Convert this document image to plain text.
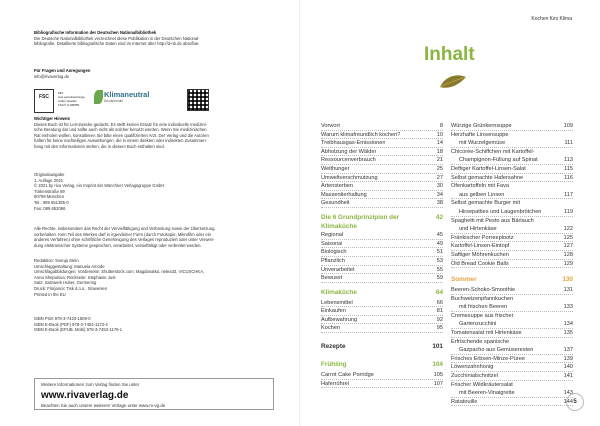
Bibliografische Information der Deutschen Nationalbibliothek

Die Deutsche Nationalbibliothek verzeichnet diese Publikation in der Deutschen National-
bibliografie. Detaillierte bibliografische Daten sind im Internet über http://d-nb.de abrufbar.

Für Fragen und Anregungen

info@rivaverlag.de

FSC
MIX
Aus verantwortungs-
vollen Quellen
FSC® C106855
Klimaneutral
Druckprodukt

Wichtiger Hinweis

Dieses Buch ist für Lernzwecke gedacht. Es stellt keinen Ersatz für eine individuelle medizini-
sche Beratung dar und sollte auch nicht als solcher benutzt werden. Wenn Sie medizinischen
Rat einholen wollen, konsultieren Sie bitte einen qualifizierten Arzt. Der Verlag und die Autoren
haften für keine nachteiligen Auswirkungen, die in einem direkten oder indirekten Zusammen-
hang mit den Informationen stehen, die in diesem Buch enthalten sind.

Originalausgabe
1. Auflage 2021
© 2021 by riva Verlag, ein Imprint der Münchner Verlagsgruppe GmbH
Türkenstraße 89
80799 München
Tel.: 089 651285-0
Fax: 089 652096

Alle Rechte, insbesondere das Recht der Vervielfältigung und Verbreitung sowie der Übersetzung,
vorbehalten. Kein Teil des Werkes darf in irgendeiner Form (durch Fotokopie, Mikrofilm oder ein
anderes Verfahren) ohne schriftliche Genehmigung des Verlages reproduziert oder unter Verwen-
dung elektronischer Systeme gespeichert, verarbeitet, vervielfältigt oder verbreitet werden.

Redaktion: Svenja Stein
Umschlaggestaltung: Manuela Amode
Umschlagabbildungen: Vorderseite: Shutterstock.com: Magdanatka, nelea33, VICUSCHKA,
Anna Shepulova; Rückseite: Stephanie Just
Satz: Satzwerk Huber, Germering
Druck: Florjancic Tisk d.o.o., Slowenien
Printed in the EU

ISBN Print 978-3-7423-1509-0
ISBN E-Book (PDF) 978-3-7453-1173-4
ISBN E-Book (EPUB, Mobi) 978-3-7453-1176-1

Weitere Informationen zum Verlag finden Sie unter
www.rivaverlag.de
Beachten Sie auch unsere weiteren Verlage unter www.m-vg.de
Kochen fürs Klima
Inhalt
Vorwort	8
Warum klimafreundlich kochen?	10
Treibhausgas-Emissionen	14
Abholzung der Wälder	18
Ressourcenverbrauch	21
Welthunger	25
Umweltverschmutzung	27
Artensterben	30
Massentierhaltung	34
Gesundheit	38
Die 6 Grundprinzipien der Klimaküche
42
Regional	45
Saisonal	49
Biologisch	51
Pflanzlich	53
Unverarbeitet	55
Bewusst	59
Klimaküche	64
Lebensmittel	66
Einkaufen	81
Aufbewahrung	92
Kochen	95
Rezepte	101
Frühling	104
Carrot Cake Porridge	105
Haferrührei	107
Würzige Grünkernsuppe	109
Herzhafte Linsensuppe
mit Wurzelgemüse	111
Chicorée-Schiffchen mit Kartoffel-
Champignon-Füllung auf Spinat	113
Deftiger Kartoffel-Linsen-Salat	115
Selbst gemachte Hafersahne	116
Ofenkartoffeln mit Fava
aus gelben Linsen	117
Selbst gemachte Burger mit
Hirsepatties und Laugenbrötchen	119
Spaghetti mit Pesto aus Bärlauch
und Hirtenkäse	122
Fränkischer Porreeplootz	125
Kartoffel-Linsen-Eintopf	127
Saftiger Möhrenkuchen	128
Old Bread Cookie Balls	129
Sommer	130
Beeren-Schoko-Smoothie	131
Buchweizenpfannkuchen
mit frischen Beeren	133
Cremesuppe aus frischer
Gartenzucchini	134
Tomatensalat mit Hirtenkäse	135
Erfrischende spanische
Gazpacho aus Gemüseresten	137
Frisches Erbsen-Minze-Püree	139
Löwenzahnhonig	140
Zucchinialschnitzel	141
Frischer Wildkräutersalat
mit Beeren-Vinaigrette	143
Ratatouille	144 5
